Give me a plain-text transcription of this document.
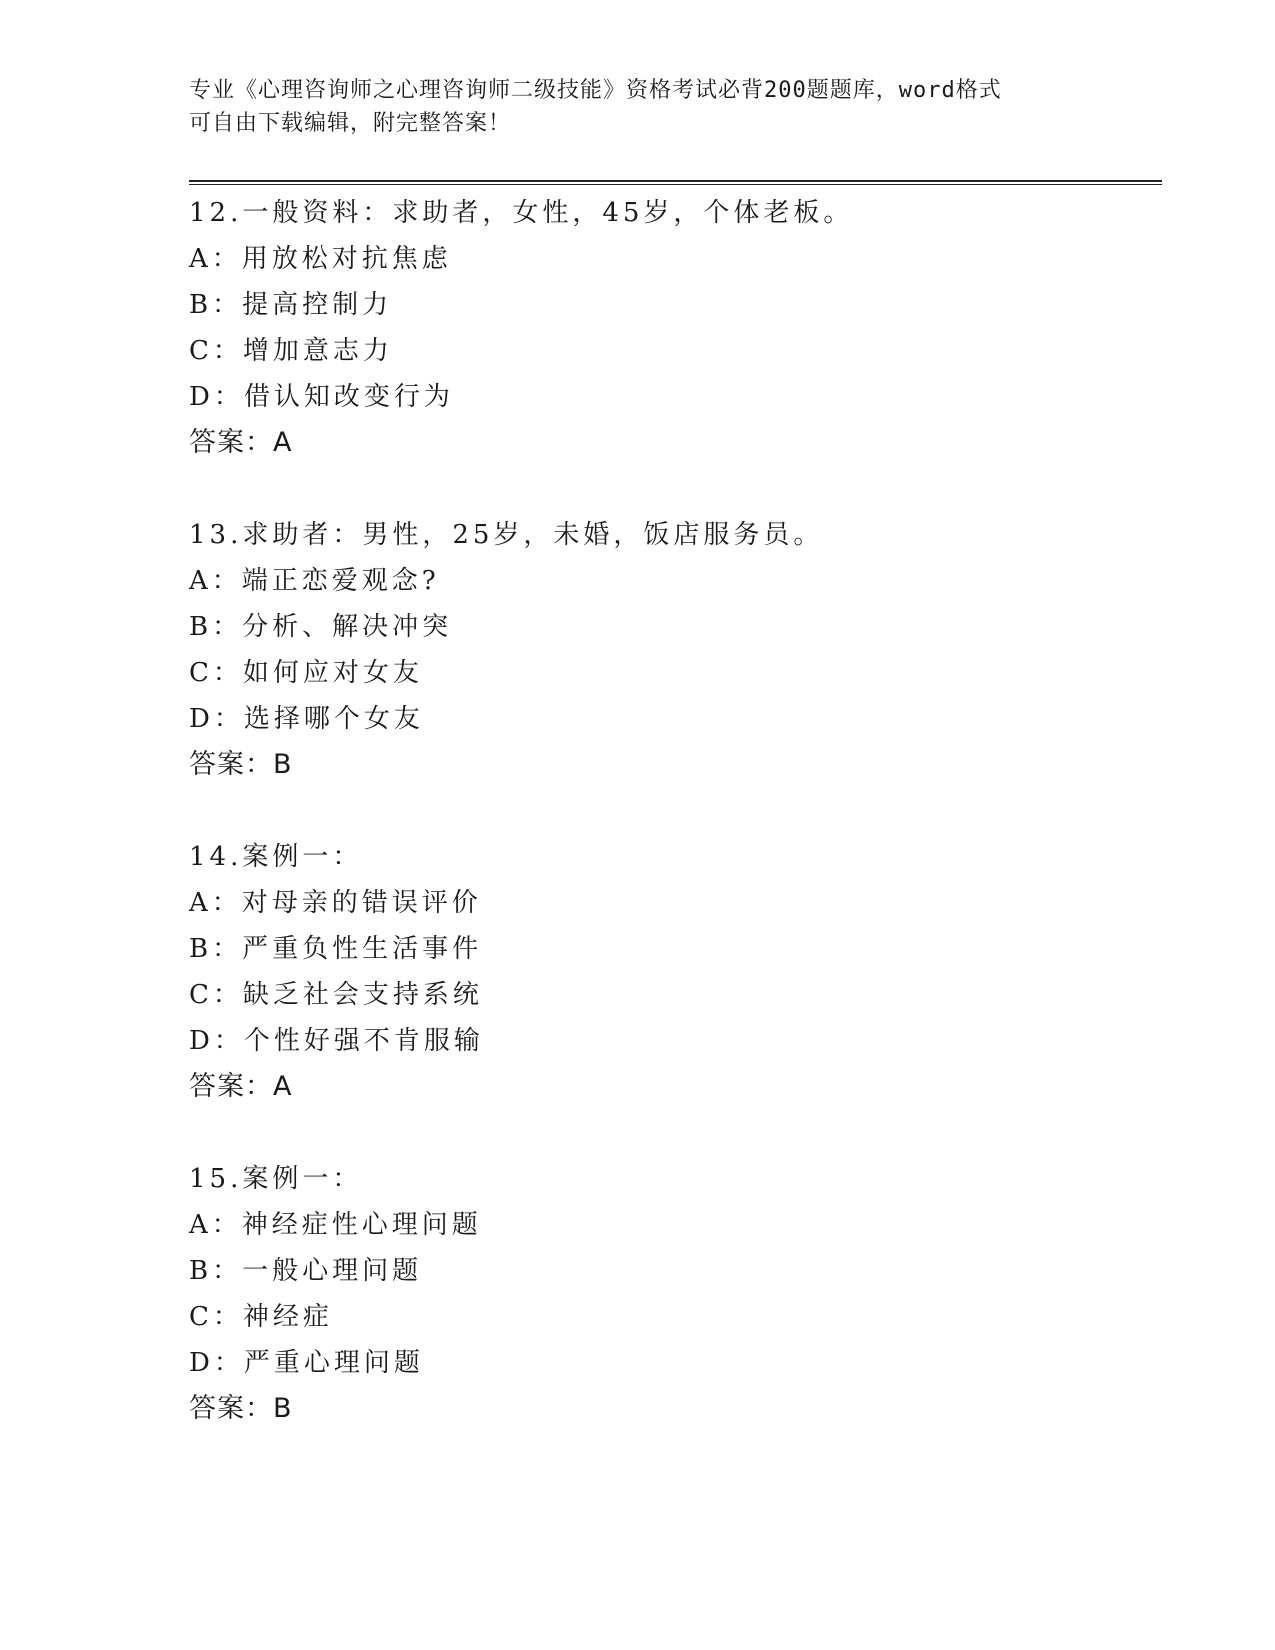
专业《心理咨询师之心理咨询师二级技能》资格考试必背200题题库，word格式
可自由下载编辑，附完整答案！
12.一般资料：求助者，女性，45岁，个体老板。
A：用放松对抗焦虑
B：提高控制力
C：增加意志力
D：借认知改变行为
答案：A
13.求助者：男性，25岁，未婚，饭店服务员。
A：端正恋爱观念?
B：分析、解决冲突
C：如何应对女友
D：选择哪个女友
答案：B
14.案例一：
A：对母亲的错误评价
B：严重负性生活事件
C：缺乏社会支持系统
D：个性好强不肯服输
答案：A
15.案例一：
A：神经症性心理问题
B：一般心理问题
C：神经症
D：严重心理问题
答案：B
